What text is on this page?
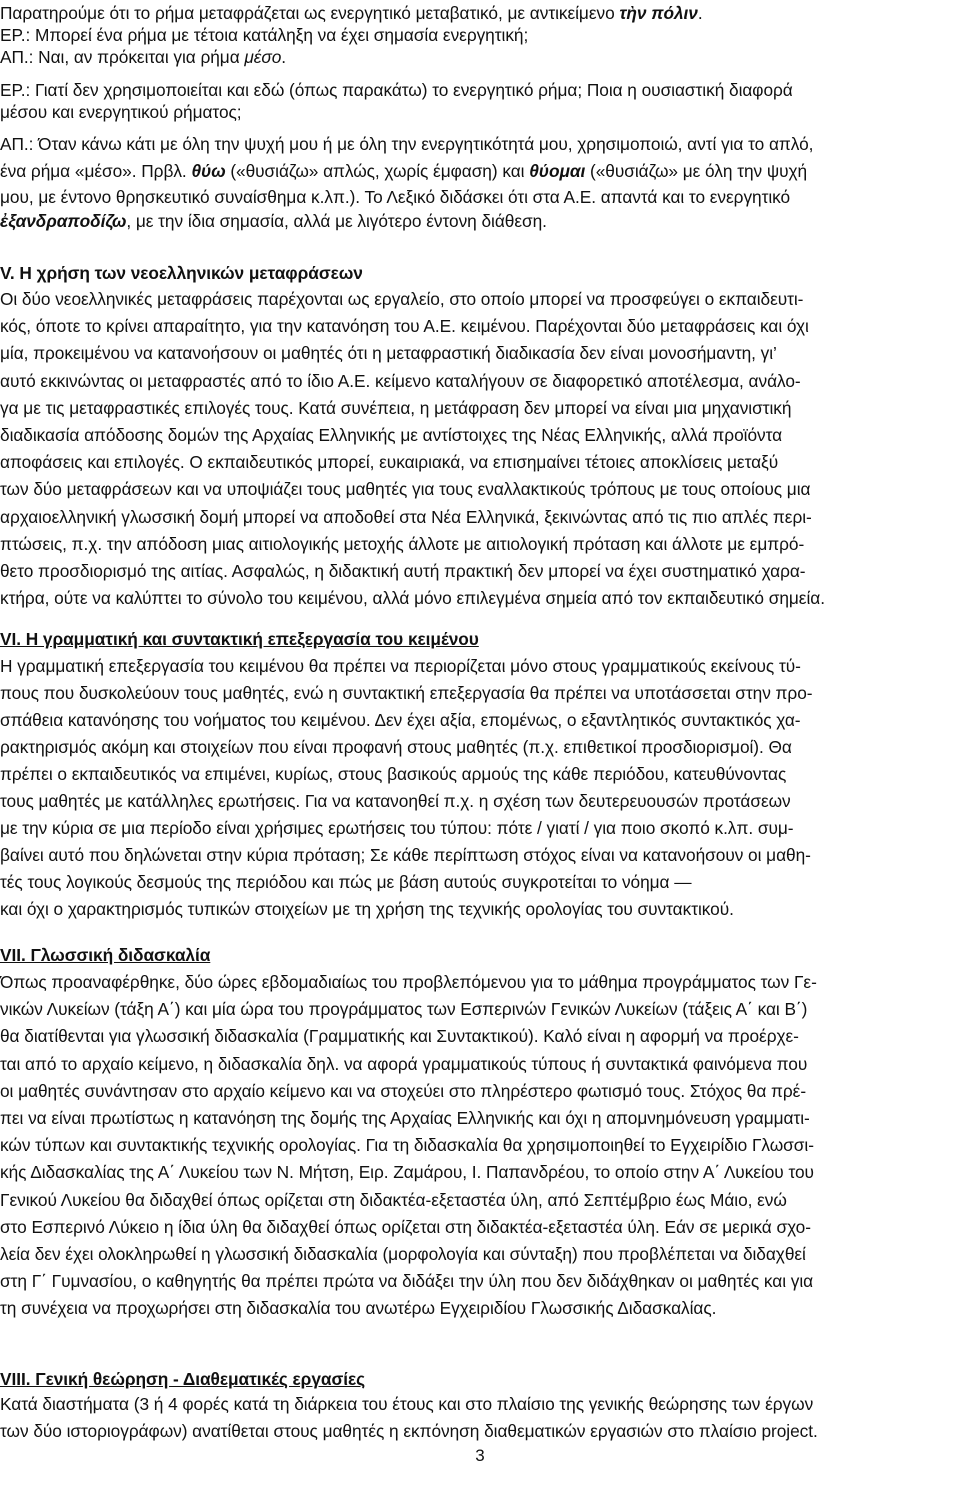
Παρατηρούμε ότι το ρήμα μεταφράζεται ως ενεργητικό μεταβατικό, με αντικείμενο τὴν πόλιν.
ΕΡ.: Μπορεί ένα ρήμα με τέτοια κατάληξη να έχει σημασία ενεργητική;
ΑΠ.: Ναι, αν πρόκειται για ρήμα μέσο.
ΕΡ.: Γιατί δεν χρησιμοποιείται και εδώ (όπως παρακάτω) το ενεργητικό ρήμα; Ποια η ουσιαστική διαφορά
μέσου και ενεργητικού ρήματος;
ΑΠ.: Όταν κάνω κάτι με όλη την ψυχή μου ή με όλη την ενεργητικότητά μου, χρησιμοποιώ, αντί για το απλό,
ένα ρήμα «μέσο». Πρβλ. θύω («θυσιάζω» απλώς, χωρίς έμφαση) και θύομαι («θυσιάζω» με όλη την ψυχή
μου, με έντονο θρησκευτικό συναίσθημα κ.λπ.). Το Λεξικό διδάσκει ότι στα Α.Ε. απαντά και το ενεργητικό
ἐξανδραποδίζω, με την ίδια σημασία, αλλά με λιγότερο έντονη διάθεση.
V. Η χρήση των νεοελληνικών μεταφράσεων
Οι δύο νεοελληνικές μεταφράσεις παρέχονται ως εργαλείο, στο οποίο μπορεί να προσφεύγει ο εκπαιδευτι-
κός, όποτε το κρίνει απαραίτητο, για την κατανόηση του Α.Ε. κειμένου. Παρέχονται δύο μεταφράσεις και όχι
μία, προκειμένου να κατανοήσουν οι μαθητές ότι η μεταφραστική διαδικασία δεν είναι μονοσήμαντη, γι’
αυτό εκκινώντας οι μεταφραστές από το ίδιο Α.Ε. κείμενο καταλήγουν σε διαφορετικό αποτέλεσμα, ανάλο-
γα με τις μεταφραστικές επιλογές τους. Κατά συνέπεια, η μετάφραση δεν μπορεί να είναι μια μηχανιστική
διαδικασία απόδοσης δομών της Αρχαίας Ελληνικής με αντίστοιχες της Νέας Ελληνικής, αλλά προϊόντα
αποφάσεις και επιλογές. Ο εκπαιδευτικός μπορεί, ευκαιριακά, να επισημαίνει τέτοιες αποκλίσεις μεταξύ
των δύο μεταφράσεων και να υποψιάζει τους μαθητές για τους εναλλακτικούς τρόπους με τους οποίους μια
αρχαιοελληνική γλωσσική δομή μπορεί να αποδοθεί στα Νέα Ελληνικά, ξεκινώντας από τις πιο απλές περι-
πτώσεις, π.χ. την απόδοση μιας αιτιολογικής μετοχής άλλοτε με αιτιολογική πρόταση και άλλοτε με εμπρό-
θετο προσδιορισμό της αιτίας. Ασφαλώς, η διδακτική αυτή πρακτική δεν μπορεί να έχει συστηματικό χαρα-
κτήρα, ούτε να καλύπτει το σύνολο του κειμένου, αλλά μόνο επιλεγμένα σημεία από τον εκπαιδευτικό σημεία.
VI. Η γραμματική και συντακτική επεξεργασία του κειμένου
Η γραμματική επεξεργασία του κειμένου θα πρέπει να περιορίζεται μόνο στους γραμματικούς εκείνους τύ-
πους που δυσκολεύουν τους μαθητές, ενώ η συντακτική επεξεργασία θα πρέπει να υποτάσσεται στην προ-
σπάθεια κατανόησης του νοήματος του κειμένου. Δεν έχει αξία, επομένως, ο εξαντλητικός συντακτικός χα-
ρακτηρισμός ακόμη και στοιχείων που είναι προφανή στους μαθητές (π.χ. επιθετικοί προσδιορισμοί). Θα
πρέπει ο εκπαιδευτικός να επιμένει, κυρίως, στους βασικούς αρμούς της κάθε περιόδου, κατευθύνοντας
τους μαθητές με κατάλληλες ερωτήσεις. Για να κατανοηθεί π.χ. η σχέση των δευτερευουσών προτάσεων
με την κύρια σε μια περίοδο είναι χρήσιμες ερωτήσεις του τύπου: πότε / γιατί / για ποιο σκοπό κ.λπ. συμ-
βαίνει αυτό που δηλώνεται στην κύρια πρόταση; Σε κάθε περίπτωση στόχος είναι να κατανοήσουν οι μαθη-
τές τους λογικούς δεσμούς της περιόδου και πώς με βάση αυτούς συγκροτείται το νόημα —
και όχι ο χαρακτηρισμός τυπικών στοιχείων με τη χρήση της τεχνικής ορολογίας του συντακτικού.
VII. Γλωσσική διδασκαλία
Όπως προαναφέρθηκε, δύο ώρες εβδομαδιαίως του προβλεπόμενου για το μάθημα προγράμματος των Γε-
νικών Λυκείων (τάξη Α΄) και μία ώρα του προγράμματος των Εσπερινών Γενικών Λυκείων (τάξεις Α΄ και Β΄)
θα διατίθενται για γλωσσική διδασκαλία (Γραμματικής και Συντακτικού). Καλό είναι η αφορμή να προέρχε-
ται από το αρχαίο κείμενο, η διδασκαλία δηλ. να αφορά γραμματικούς τύπους ή συντακτικά φαινόμενα που
οι μαθητές συνάντησαν στο αρχαίο κείμενο και να στοχεύει στο πληρέστερο φωτισμό τους. Στόχος θα πρέ-
πει να είναι πρωτίστως η κατανόηση της δομής της Αρχαίας Ελληνικής και όχι η απομνημόνευση γραμματι-
κών τύπων και συντακτικής τεχνικής ορολογίας. Για τη διδασκαλία θα χρησιμοποιηθεί το Εγχειρίδιο Γλωσσι-
κής Διδασκαλίας της Α΄ Λυκείου των Ν. Μήτση, Ειρ. Ζαμάρου, Ι. Παπανδρέου, το οποίο στην Α΄ Λυκείου του
Γενικού Λυκείου θα διδαχθεί όπως ορίζεται στη διδακτέα-εξεταστέα ύλη, από Σεπτέμβριο έως Μάιο, ενώ
στο Εσπερινό Λύκειο η ίδια ύλη θα διδαχθεί όπως ορίζεται στη διδακτέα-εξεταστέα ύλη. Εάν σε μερικά σχο-
λεία δεν έχει ολοκληρωθεί η γλωσσική διδασκαλία (μορφολογία και σύνταξη) που προβλέπεται να διδαχθεί
στη Γ΄ Γυμνασίου, ο καθηγητής θα πρέπει πρώτα να διδάξει την ύλη που δεν διδάχθηκαν οι μαθητές και για
τη συνέχεια να προχωρήσει στη διδασκαλία του ανωτέρω Εγχειριδίου Γλωσσικής Διδασκαλίας.
VIII. Γενική θεώρηση - Διαθεματικές εργασίες
Κατά διαστήματα (3 ή 4 φορές κατά τη διάρκεια του έτους και στο πλαίσιο της γενικής θεώρησης των έργων
των δύο ιστοριογράφων) ανατίθεται στους μαθητές η εκπόνηση διαθεματικών εργασιών στο πλαίσιο project.
3
